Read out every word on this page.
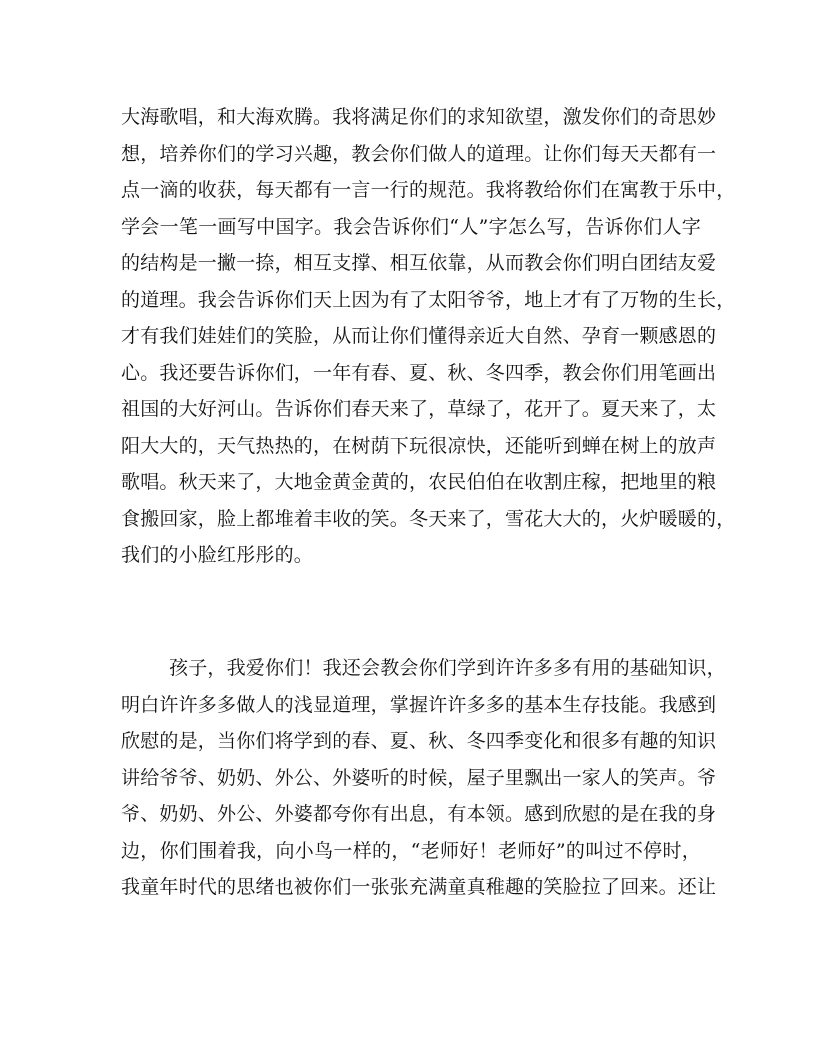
大海歌唱，和大海欢腾。我将满足你们的求知欲望，激发你们的奇思妙
想，培养你们的学习兴趣，教会你们做人的道理。让你们每天天都有一
点一滴的收获，每天都有一言一行的规范。我将教给你们在寓教于乐中，
学会一笔一画写中国字。我会告诉你们“人”字怎么写，告诉你们人字
的结构是一撇一捺，相互支撑、相互依靠，从而教会你们明白团结友爱
的道理。我会告诉你们天上因为有了太阳爷爷，地上才有了万物的生长，
才有我们娃娃们的笑脸，从而让你们懂得亲近大自然、孕育一颗感恩的
心。我还要告诉你们，一年有春、夏、秋、冬四季，教会你们用笔画出
祖国的大好河山。告诉你们春天来了，草绿了，花开了。夏天来了，太
阳大大的，天气热热的，在树荫下玩很凉快，还能听到蝉在树上的放声
歌唱。秋天来了，大地金黄金黄的，农民伯伯在收割庄稼，把地里的粮
食搬回家，脸上都堆着丰收的笑。冬天来了，雪花大大的，火炉暖暖的，
我们的小脸红彤彤的。
孩子，我爱你们！我还会教会你们学到许许多多有用的基础知识，
明白许许多多做人的浅显道理，掌握许许多多的基本生存技能。我感到
欣慰的是，当你们将学到的春、夏、秋、冬四季变化和很多有趣的知识
讲给爷爷、奶奶、外公、外婆听的时候，屋子里飘出一家人的笑声。爷
爷、奶奶、外公、外婆都夸你有出息，有本领。感到欣慰的是在我的身
边，你们围着我，向小鸟一样的，“老师好！老师好”的叫过不停时，
我童年时代的思绪也被你们一张张充满童真稚趣的笑脸拉了回来。还让
